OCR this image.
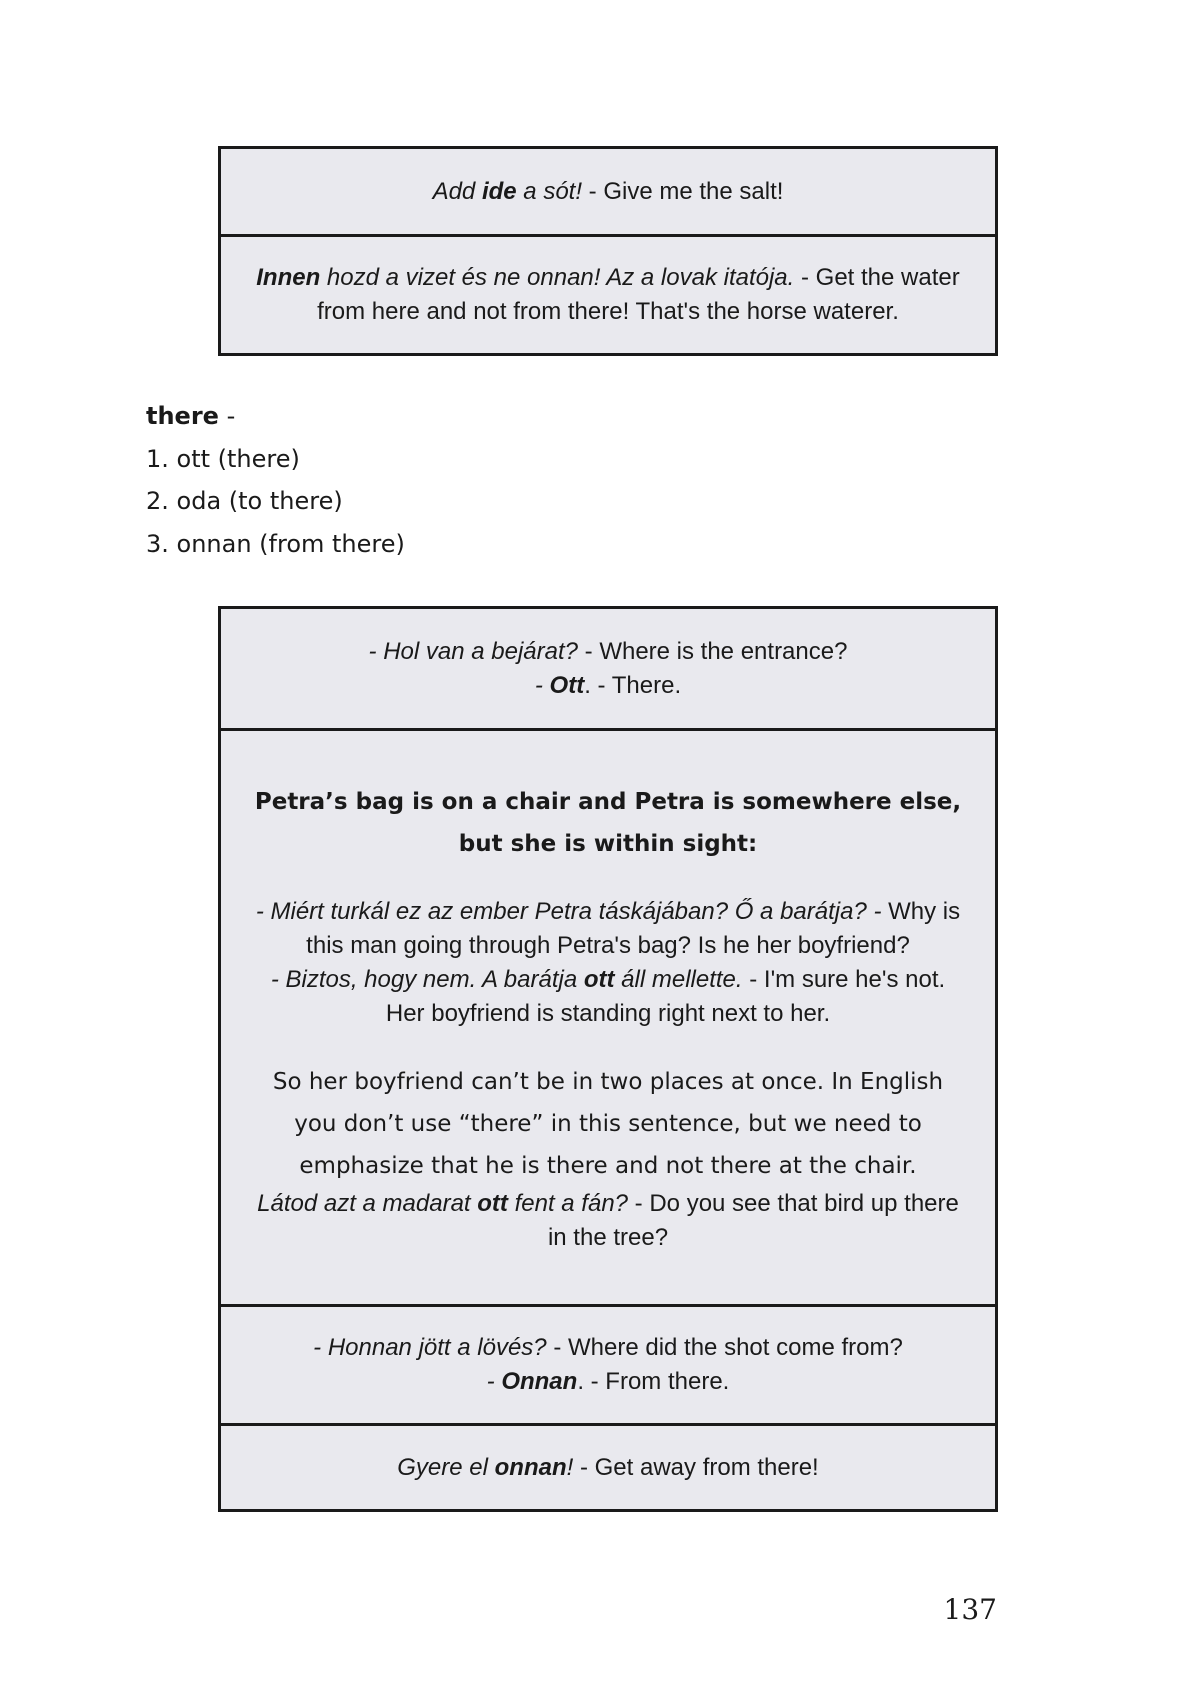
Add ide a sót! - Give me the salt!
Innen hozd a vizet és ne onnan! Az a lovak itatója. - Get the water from here and not from there! That's the horse waterer.
there -
1. ott (there)
2. oda (to there)
3. onnan (from there)
- Hol van a bejárat? - Where is the entrance?
- Ott. - There.
Petra’s bag is on a chair and Petra is somewhere else, but she is within sight:
- Miért turkál ez az ember Petra táskájában? Ő a barátja? - Why is this man going through Petra's bag? Is he her boyfriend?
- Biztos, hogy nem. A barátja ott áll mellette. - I'm sure he's not. Her boyfriend is standing right next to her.
So her boyfriend can’t be in two places at once. In English you don’t use “there” in this sentence, but we need to emphasize that he is there and not there at the chair.
Látod azt a madarat ott fent a fán? - Do you see that bird up there in the tree?
- Honnan jött a lövés? - Where did the shot come from?
- Onnan. - From there.
Gyere el onnan! - Get away from there!
137
